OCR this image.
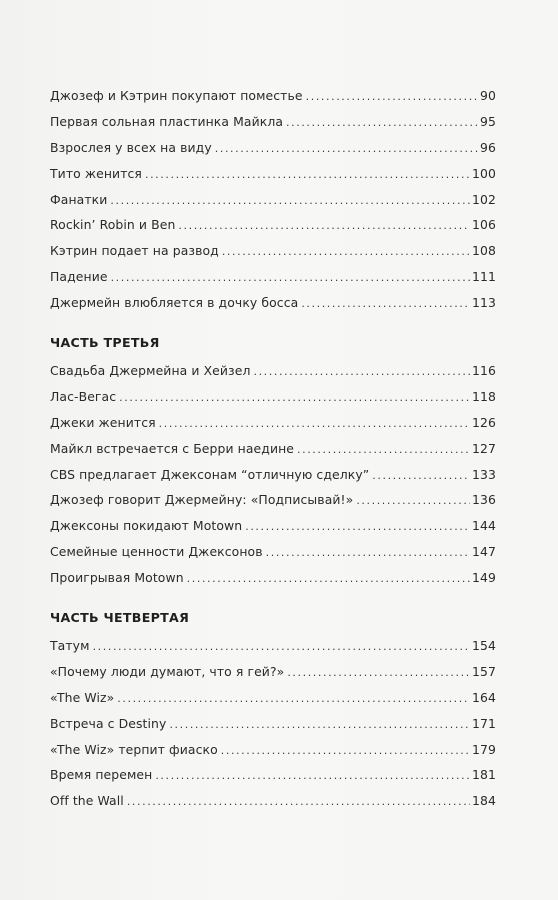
Джозеф и Кэтрин покупают поместье .....	90
Первая сольная пластинка Майкла .....	95
Взрослея у всех на виду .....	96
Тито женится .....	100
Фанатки .....	102
Rockin’ Robin и Ben .....	106
Кэтрин подает на развод .....	108
Падение .....	111
Джермейн влюбляется в дочку босса .....	113
ЧАСТЬ ТРЕТЬЯ
Свадьба Джермейна и Хейзел .....	116
Лас-Вегас .....	118
Джеки женится .....	126
Майкл встречается с Берри наедине .....	127
CBS предлагает Джексонам “отличную сделку” .....	133
Джозеф говорит Джермейну: «Подписывай!» .....	136
Джексоны покидают Motown .....	144
Семейные ценности Джексонов .....	147
Проигрывая Motown .....	149
ЧАСТЬ ЧЕТВЕРТАЯ
Татум .....	154
«Почему люди думают, что я гей?» .....	157
«The Wiz» .....	164
Встреча с Destiny .....	171
«The Wiz» терпит фиаско .....	179
Время перемен .....	181
Off the Wall .....	184
